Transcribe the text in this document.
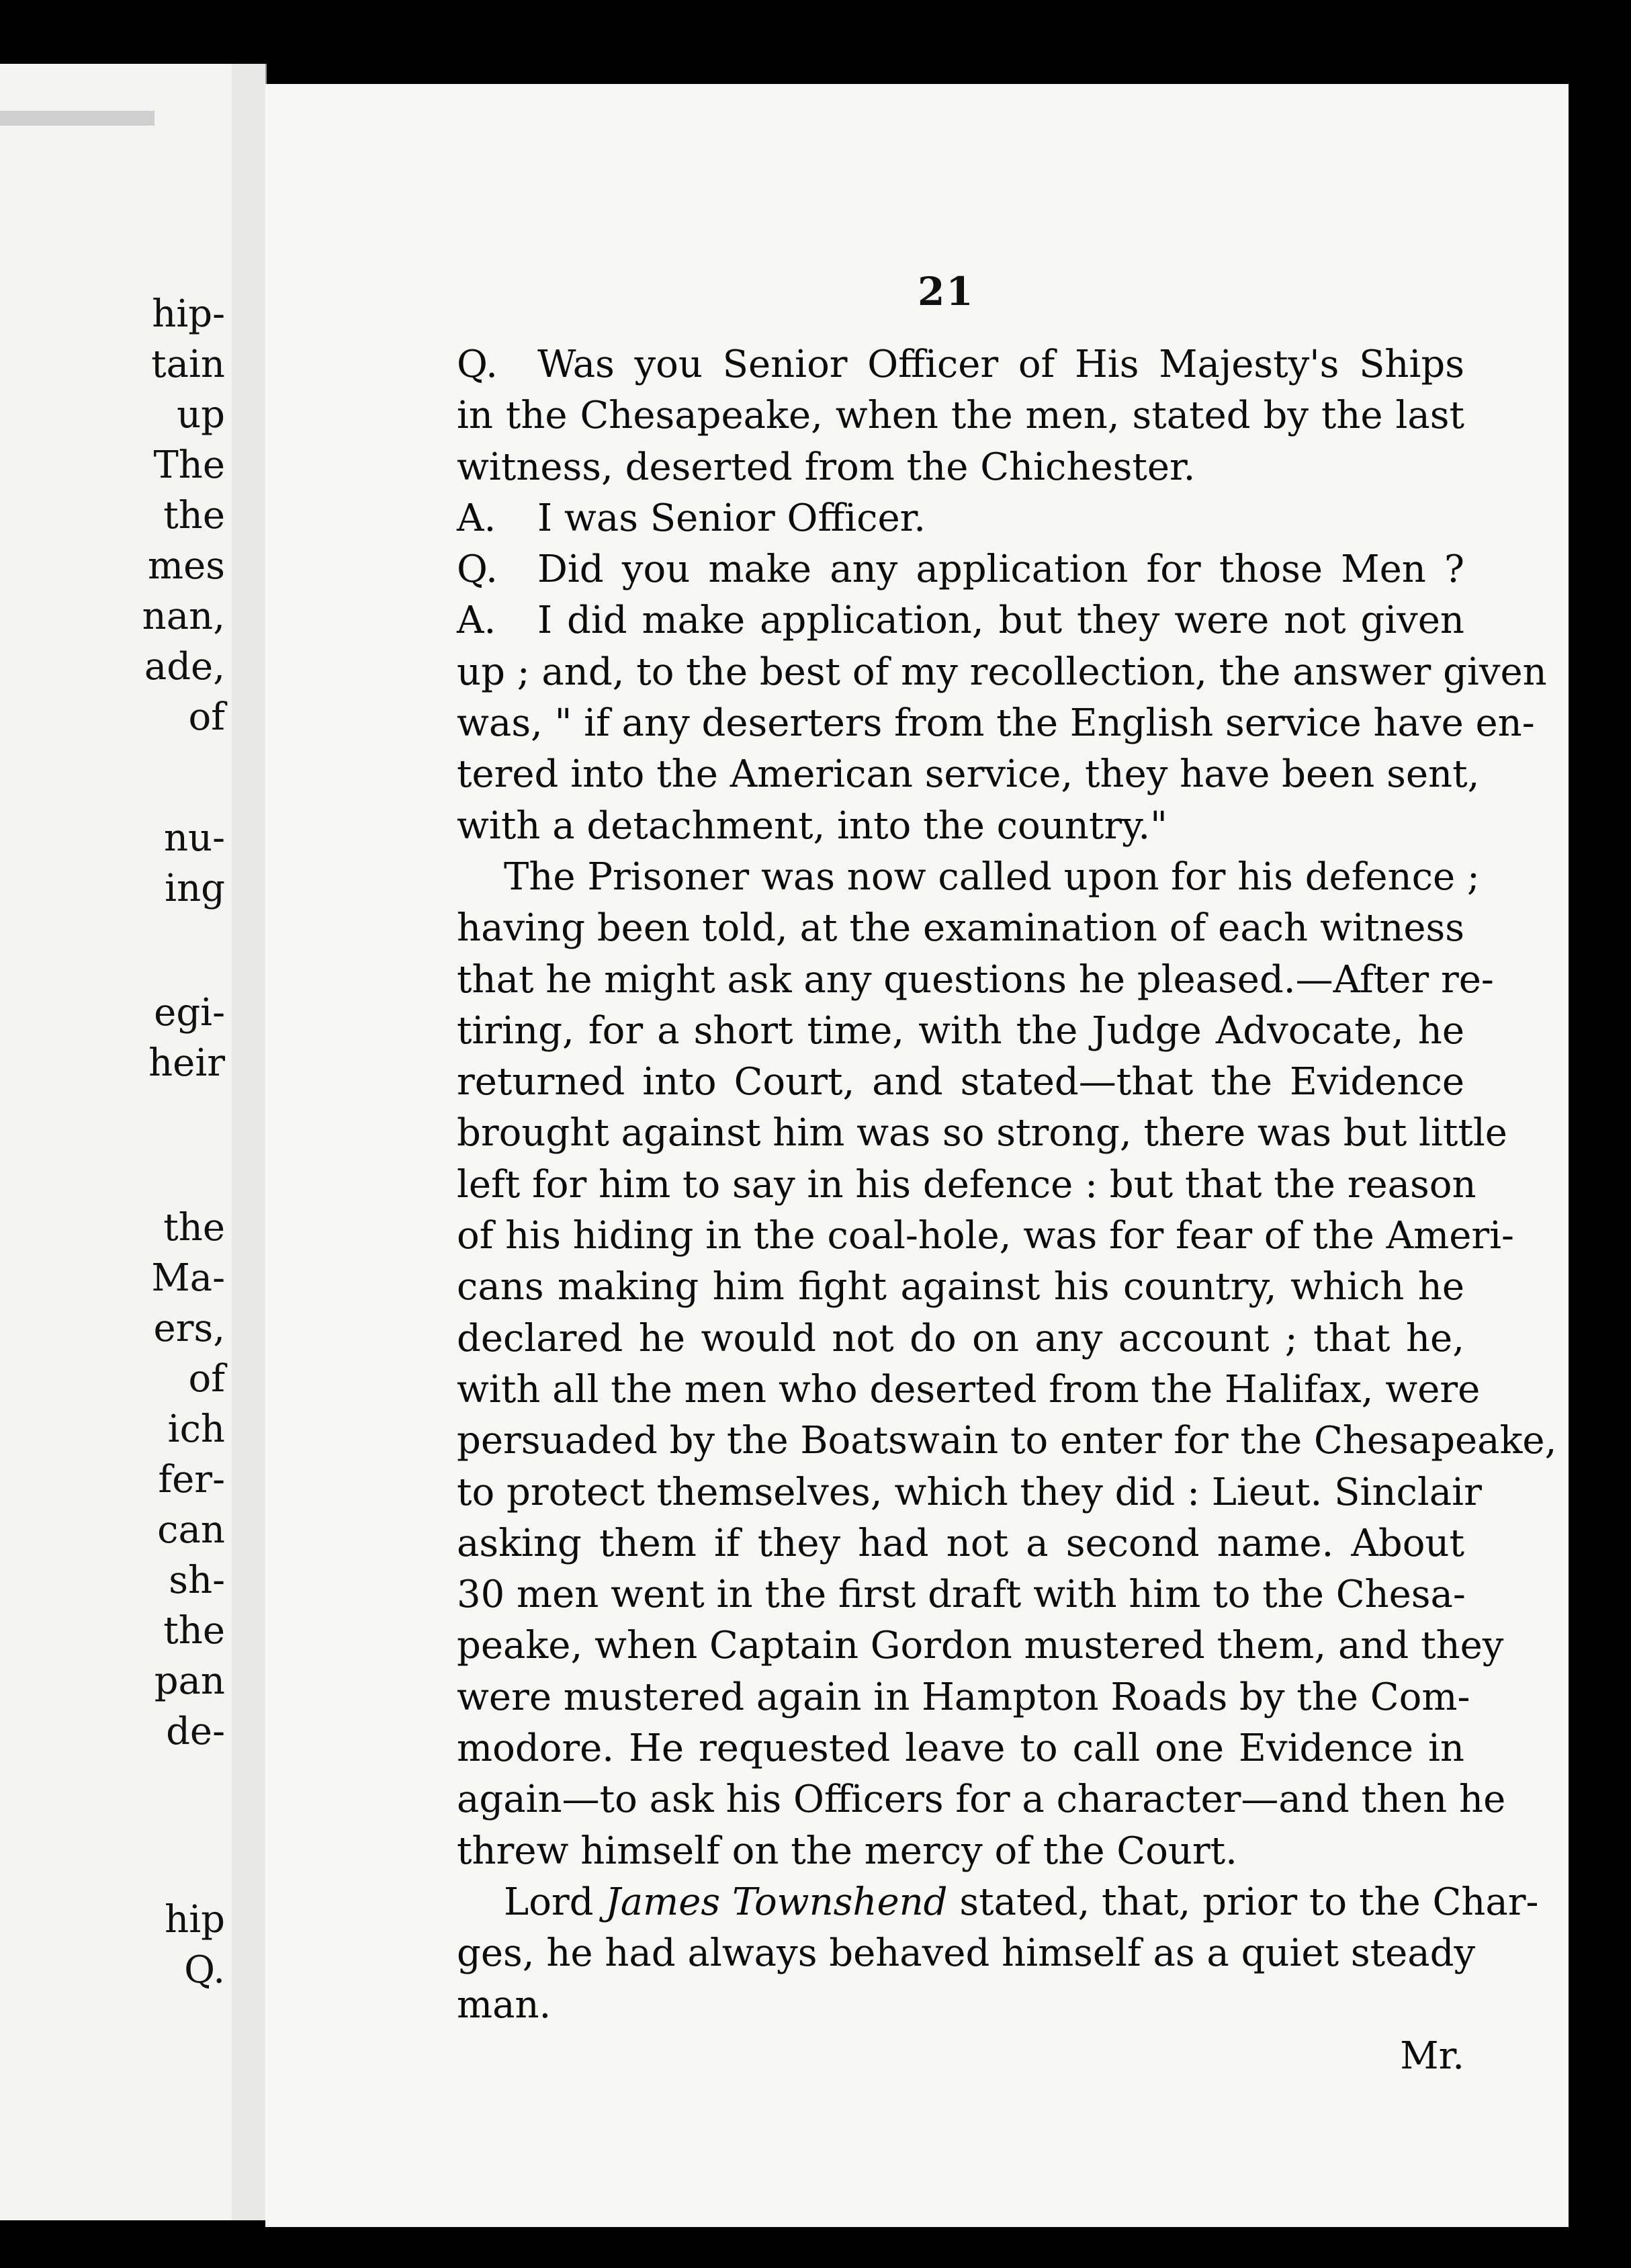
hip-
tain
up
The
the
mes
nan,
ade,
of
nu-
ing
egi-
heir
the
Ma-
ers,
of
ich
fer-
can
sh-
the
pan
de-
hip
Q.
21
Q. Was you Senior Officer of His Majesty's Ships
in the Chesapeake, when the men, stated by the last
witness, deserted from the Chichester.
A. I was Senior Officer.
Q. Did you make any application for those Men ?
A. I did make application, but they were not given
up ; and, to the best of my recollection, the answer given
was, " if any deserters from the English service have en-
tered into the American service, they have been sent,
with a detachment, into the country."
The Prisoner was now called upon for his defence ;
having been told, at the examination of each witness
that he might ask any questions he pleased.—After re-
tiring, for a short time, with the Judge Advocate, he
returned into Court, and stated—that the Evidence
brought against him was so strong, there was but little
left for him to say in his defence : but that the reason
of his hiding in the coal-hole, was for fear of the Ameri-
cans making him fight against his country, which he
declared he would not do on any account ; that he,
with all the men who deserted from the Halifax, were
persuaded by the Boatswain to enter for the Chesapeake,
to protect themselves, which they did : Lieut. Sinclair
asking them if they had not a second name. About
30 men went in the first draft with him to the Chesa-
peake, when Captain Gordon mustered them, and they
were mustered again in Hampton Roads by the Com-
modore. He requested leave to call one Evidence in
again—to ask his Officers for a character—and then he
threw himself on the mercy of the Court.
Lord James Townshend stated, that, prior to the Char-
ges, he had always behaved himself as a quiet steady
man.
Mr.
